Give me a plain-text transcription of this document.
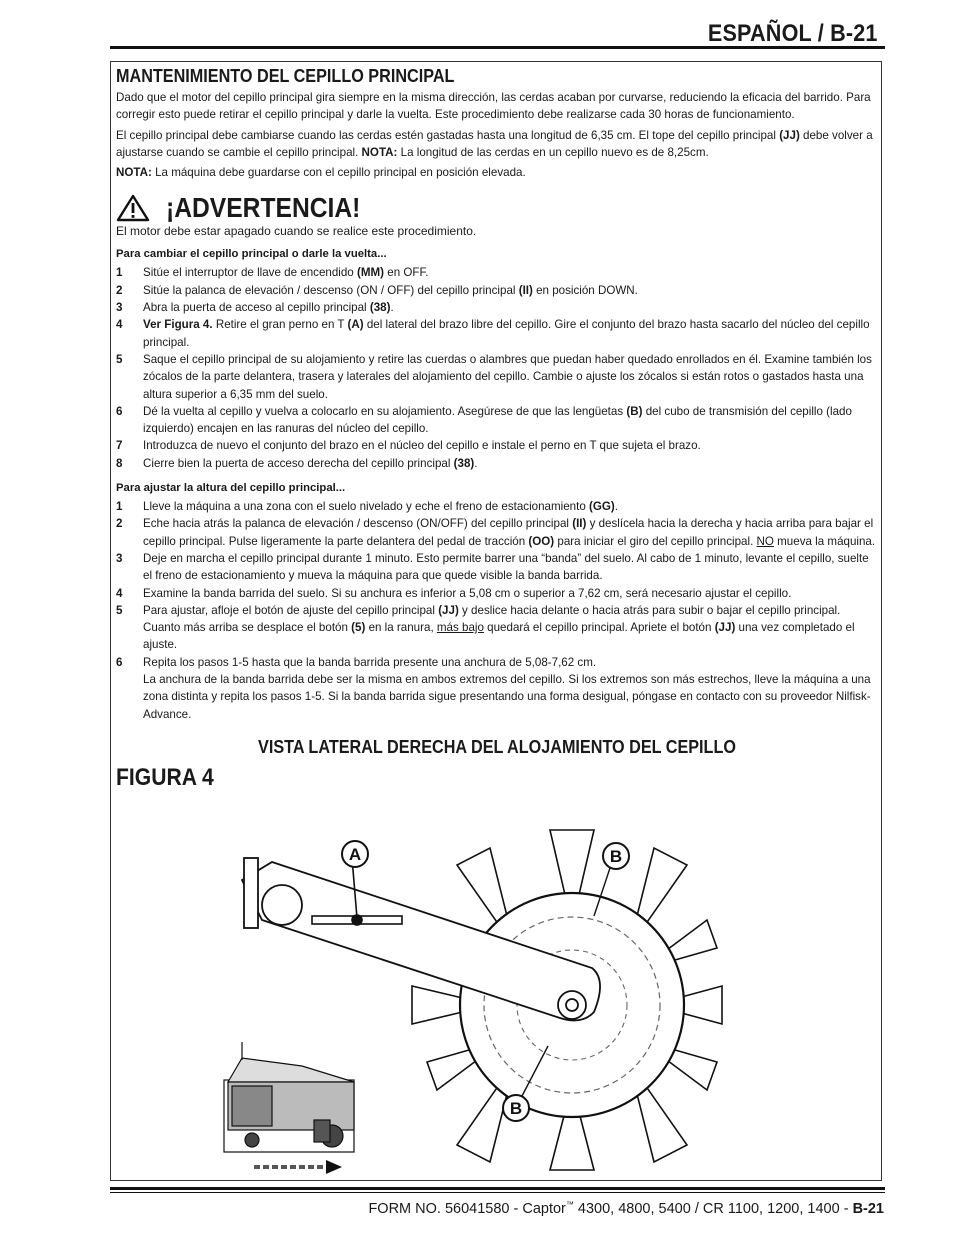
ESPAÑOL / B-21
MANTENIMIENTO DEL CEPILLO PRINCIPAL

Dado que el motor del cepillo principal gira siempre en la misma dirección, las cerdas acaban por curvarse, reduciendo la eficacia del barrido. Para corregir esto puede retirar el cepillo principal y darle la vuelta. Este procedimiento debe realizarse cada 30 horas de funcionamiento.

El cepillo principal debe cambiarse cuando las cerdas estén gastadas hasta una longitud de 6,35 cm. El tope del cepillo principal (JJ) debe volver a ajustarse cuando se cambie el cepillo principal. NOTA: La longitud de las cerdas en un cepillo nuevo es de 8,25cm.

NOTA: La máquina debe guardarse con el cepillo principal en posición elevada.

¡ADVERTENCIA!
El motor debe estar apagado cuando se realice este procedimiento.
Para cambiar el cepillo principal o darle la vuelta...
1	Sitúe el interruptor de llave de encendido (MM) en OFF.
2	Sitúe la palanca de elevación / descenso (ON / OFF) del cepillo principal (II) en posición DOWN.
3	Abra la puerta de acceso al cepillo principal (38).
4	Ver Figura 4. Retire el gran perno en T (A) del lateral del brazo libre del cepillo. Gire el conjunto del brazo hasta sacarlo del núcleo del cepillo principal.
5	Saque el cepillo principal de su alojamiento y retire las cuerdas o alambres que puedan haber quedado enrollados en él. Examine también los zócalos de la parte delantera, trasera y laterales del alojamiento del cepillo. Cambie o ajuste los zócalos si están rotos o gastados hasta una altura superior a 6,35 mm del suelo.
6	Dé la vuelta al cepillo y vuelva a colocarlo en su alojamiento. Asegúrese de que las lengüetas (B) del cubo de transmisión del cepillo (lado izquierdo) encajen en las ranuras del núcleo del cepillo.
7	Introduzca de nuevo el conjunto del brazo en el núcleo del cepillo e instale el perno en T que sujeta el brazo.
8	Cierre bien la puerta de acceso derecha del cepillo principal (38).
Para ajustar la altura del cepillo principal...
1	Lleve la máquina a una zona con el suelo nivelado y eche el freno de estacionamiento (GG).
2	Eche hacia atrás la palanca de elevación / descenso (ON/OFF) del cepillo principal (II) y deslícela hacia la derecha y hacia arriba para bajar el cepillo principal. Pulse ligeramente la parte delantera del pedal de tracción (OO) para iniciar el giro del cepillo principal. NO mueva la máquina.
3	Deje en marcha el cepillo principal durante 1 minuto. Esto permite barrer una “banda” del suelo. Al cabo de 1 minuto, levante el cepillo, suelte el freno de estacionamiento y mueva la máquina para que quede visible la banda barrida.
4	Examine la banda barrida del suelo. Si su anchura es inferior a 5,08 cm o superior a 7,62 cm, será necesario ajustar el cepillo.
5	Para ajustar, afloje el botón de ajuste del cepillo principal (JJ) y deslice hacia delante o hacia atrás para subir o bajar el cepillo principal. Cuanto más arriba se desplace el botón (5) en la ranura, más bajo quedará el cepillo principal. Apriete el botón (JJ) una vez completado el ajuste.
6	Repita los pasos 1-5 hasta que la banda barrida presente una anchura de 5,08-7,62 cm.
La anchura de la banda barrida debe ser la misma en ambos extremos del cepillo. Si los extremos son más estrechos, lleve la máquina a una zona distinta y repita los pasos 1-5. Si la banda barrida sigue presentando una forma desigual, póngase en contacto con su proveedor Nilfisk-Advance.
VISTA LATERAL DERECHA DEL ALOJAMIENTO DEL CEPILLO
FIGURA 4
A	B
B
FORM NO. 56041580 - Captor™ 4300, 4800, 5400 / CR 1100, 1200, 1400 - B-21
